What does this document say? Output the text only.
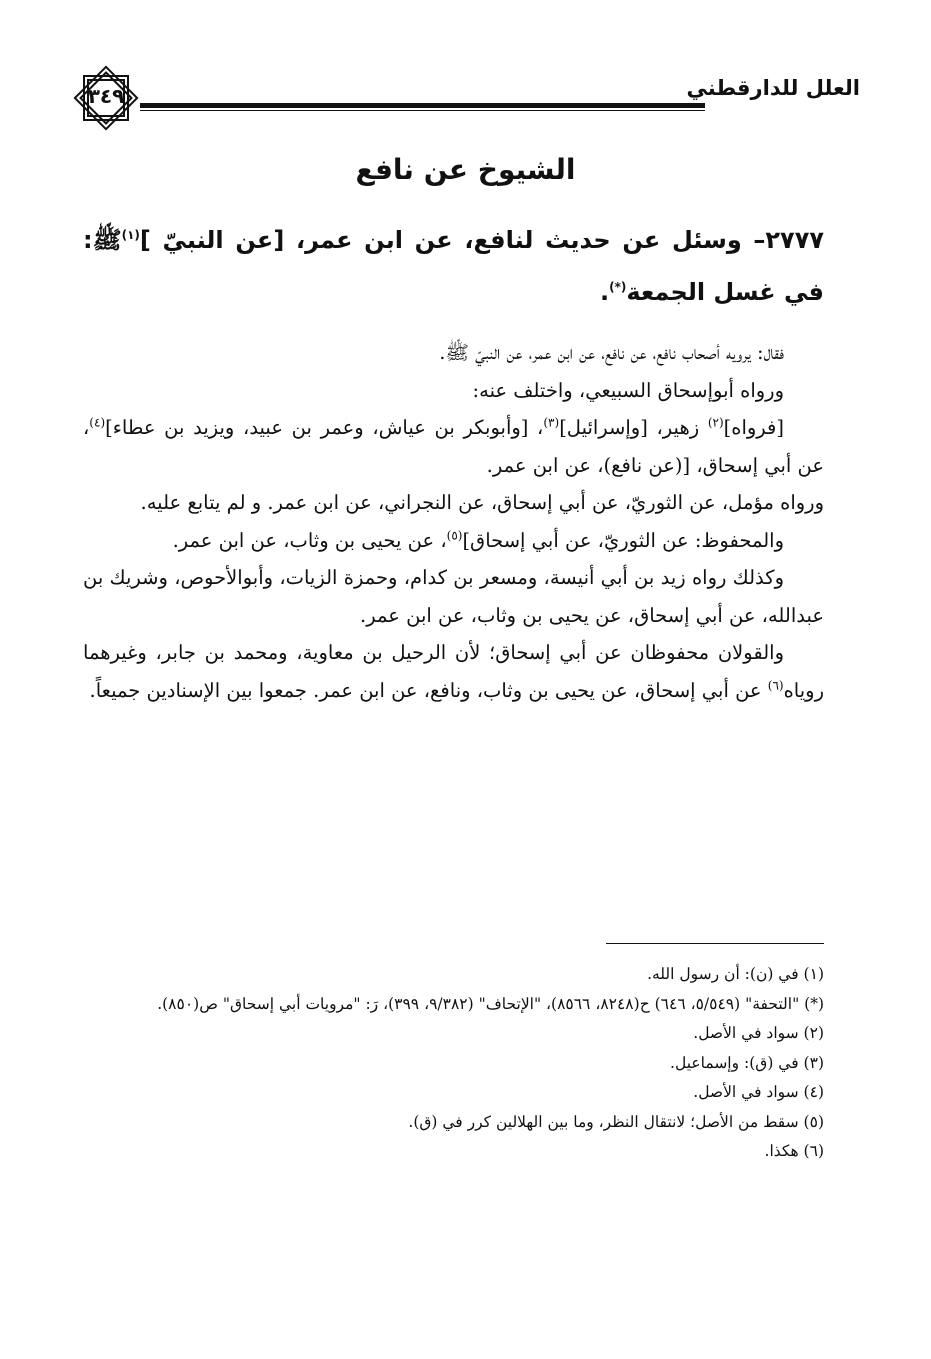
العلل للدارقطني
٣٤٩
الشيوخ عن نافع
٢٧٧٧– وسئل عن حديث لنافع، عن ابن عمر، [عن النبيّ ]$^{(١)}$ﷺ: في غسل الجمعة(*).

فقال: يرويه أصحاب نافع، عن نافع، عن ابن عمر، عن النبيّ ﷺ.

ورواه أبوإسحاق السبيعي، واختلف عنه:

[فرواه]$^{(٢)}$ زهير، [وإسرائيل]$^{(٣)}$، [وأبوبكر بن عياش، وعمر بن عبيد، ويزيد بن عطاء]$^{(٤)}$، عن أبي إسحاق، [(عن نافع)، عن ابن عمر.

ورواه مؤمل، عن الثوريّ، عن أبي إسحاق، عن النجراني، عن ابن عمر. و لم يتابع عليه.

والمحفوظ: عن الثوريّ، عن أبي إسحاق]$^{(٥)}$، عن يحيى بن وثاب، عن ابن عمر.

وكذلك رواه زيد بن أبي أنيسة، ومسعر بن كدام، وحمزة الزيات، وأبوالأحوص، وشريك بن عبدالله، عن أبي إسحاق، عن يحيى بن وثاب، عن ابن عمر.

والقولان محفوظان عن أبي إسحاق؛ لأن الرحيل بن معاوية، ومحمد بن جابر، وغيرهما روياه$^{(٦)}$ عن أبي إسحاق، عن يحيى بن وثاب، ونافع، عن ابن عمر. جمعوا بين الإسنادين جميعاً.

(١) في (ن): أن رسول الله.
(*) "التحفة" (٥/٥٤٩، ٦٤٦) ح(٨٢٤٨، ٨٥٦٦)، "الإتحاف" (٩/٣٨٢، ٣٩٩)، رَ: "مرويات أبي إسحاق" ص(٨٥٠).
(٢) سواد في الأصل.
(٣) في (ق): وإسماعيل.
(٤) سواد في الأصل.
(٥) سقط من الأصل؛ لانتقال النظر، وما بين الهلالين كرر في (ق).
(٦) هكذا.
